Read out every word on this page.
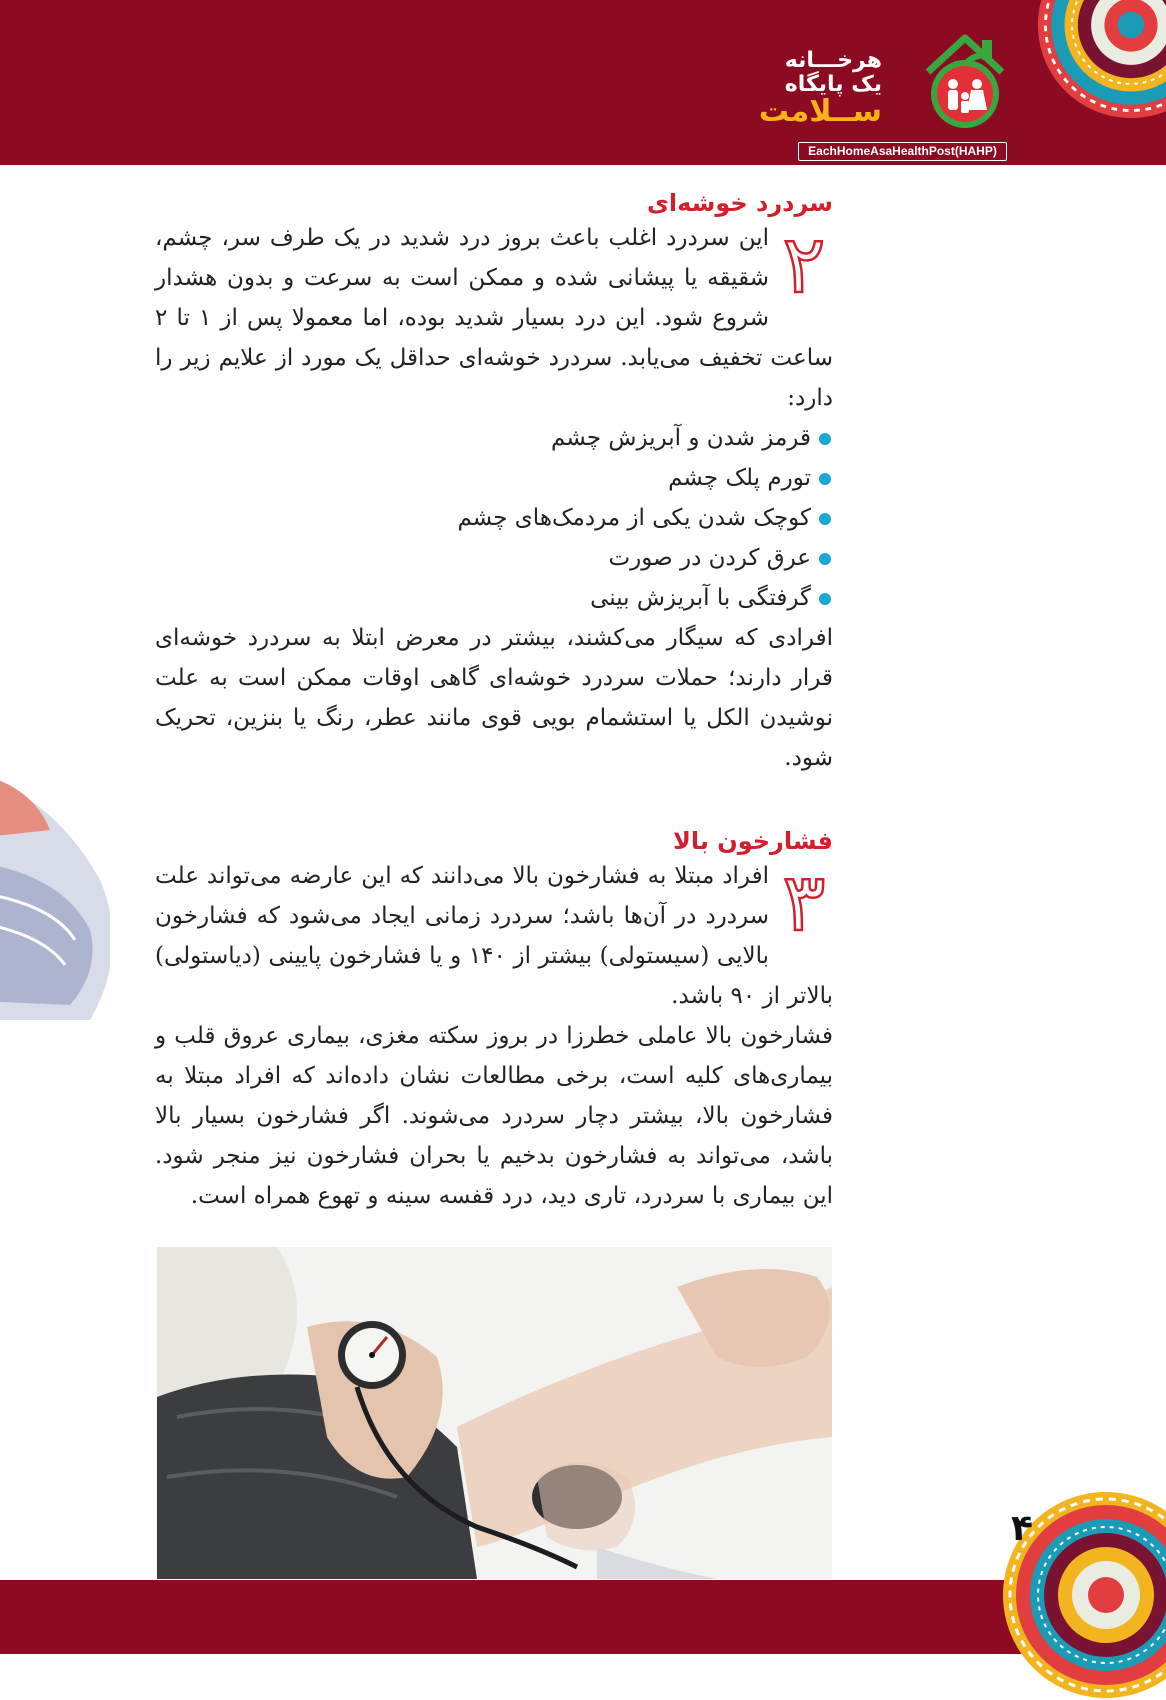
هرخـــانه
یک پایگاه
ســلامت
EachHomeAsaHealthPost(HAHP)
سردرد خوشه‌ای
۲

این سردرد اغلب باعث بروز درد شدید در یک طرف سر، چشم، شقیقه یا پیشانی شده و ممکن است به سرعت و بدون هشدار شروع شود. این درد بسیار شدید بوده، اما معمولا پس از ۱ تا ۲ ساعت تخفیف می‌یابد. سردرد خوشه‌ای حداقل یک مورد از علایم زیر را دارد:

قرمز شدن و آبریزش چشم
تورم پلک چشم
کوچک شدن یکی از مردمک‌های چشم
عرق کردن در صورت
گرفتگی با آبریزش بینی

افرادی که سیگار می‌کشند، بیشتر در معرض ابتلا به سردرد خوشه‌ای قرار دارند؛ حملات سردرد خوشه‌ای گاهی اوقات ممکن است به علت نوشیدن الکل یا استشمام بویی قوی مانند عطر، رنگ یا بنزین، تحریک شود.

فشارخون بالا
۳

افراد مبتلا به فشارخون بالا می‌دانند که این عارضه می‌تواند علت سردرد در آن‌ها باشد؛ سردرد زمانی ایجاد می‌شود که فشارخون بالایی (سیستولی) بیشتر از ۱۴۰ و یا فشارخون پایینی (دیاستولی) بالاتر از ۹۰ باشد.

فشارخون بالا عاملی خطرزا در بروز سکته مغزی، بیماری عروق قلب و بیماری‌های کلیه است، برخی مطالعات نشان داده‌اند که افراد مبتلا به فشارخون بالا، بیشتر دچار سردرد می‌شوند. اگر فشارخون بسیار بالا باشد، می‌تواند به فشارخون بدخیم یا بحران فشارخون نیز منجر شود. این بیماری با سردرد، تاری دید، درد قفسه سینه و تهوع همراه است.

۴
